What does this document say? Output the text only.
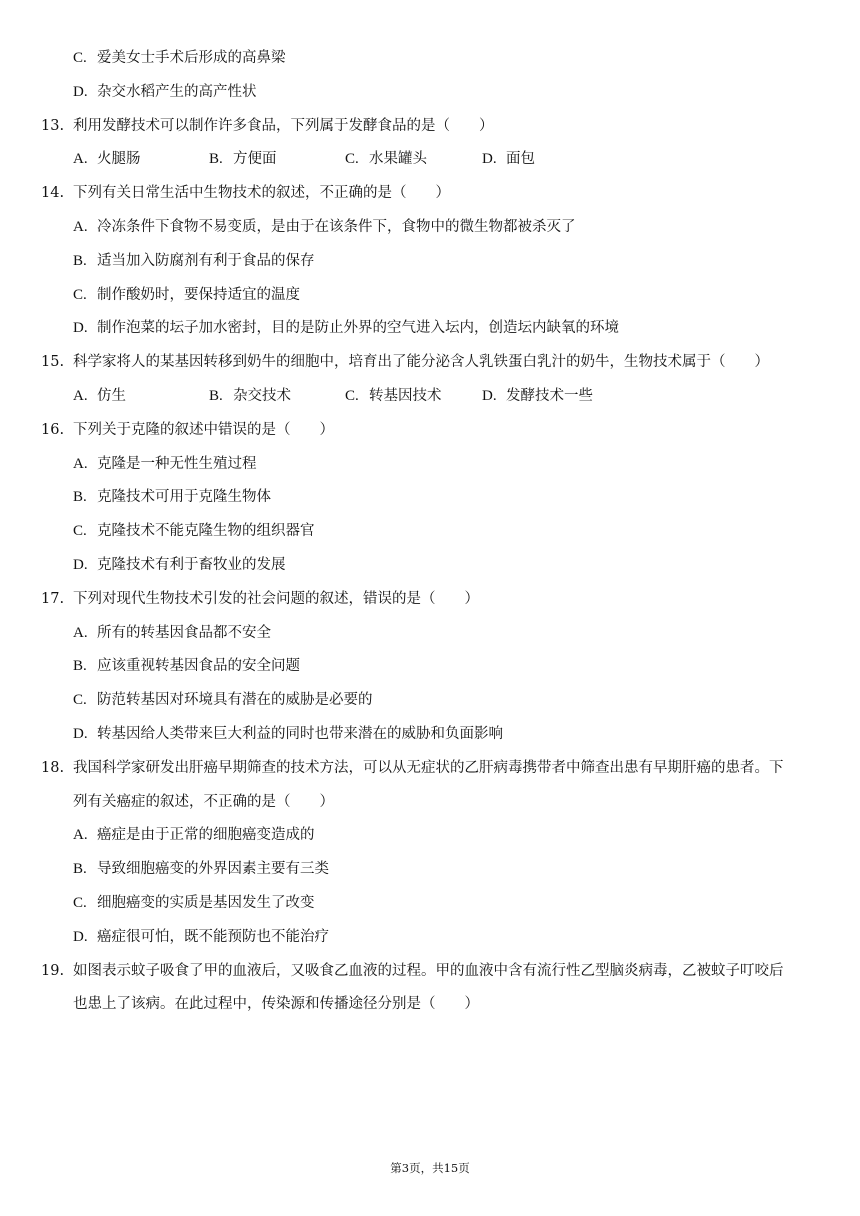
C. 爱美女士手术后形成的高鼻梁
D. 杂交水稻产生的高产性状
13. 利用发酵技术可以制作许多食品，下列属于发酵食品的是（　　）
A. 火腿肠	B. 方便面	C. 水果罐头	D. 面包
14. 下列有关日常生活中生物技术的叙述，不正确的是（　　）
A. 冷冻条件下食物不易变质，是由于在该条件下，食物中的微生物都被杀灭了
B. 适当加入防腐剂有利于食品的保存
C. 制作酸奶时，要保持适宜的温度
D. 制作泡菜的坛子加水密封，目的是防止外界的空气进入坛内，创造坛内缺氧的环境
15. 科学家将人的某基因转移到奶牛的细胞中，培育出了能分泌含人乳铁蛋白乳汁的奶牛，生物技术属于（　　）
A. 仿生	B. 杂交技术	C. 转基因技术	D. 发酵技术一些
16. 下列关于克隆的叙述中错误的是（　　）
A. 克隆是一种无性生殖过程
B. 克隆技术可用于克隆生物体
C. 克隆技术不能克隆生物的组织器官
D. 克隆技术有利于畜牧业的发展
17. 下列对现代生物技术引发的社会问题的叙述，错误的是（　　）
A. 所有的转基因食品都不安全
B. 应该重视转基因食品的安全问题
C. 防范转基因对环境具有潜在的威胁是必要的
D. 转基因给人类带来巨大利益的同时也带来潜在的威胁和负面影响
18. 我国科学家研发出肝癌早期筛查的技术方法，可以从无症状的乙肝病毒携带者中筛查出患有早期肝癌的患者。下
列有关癌症的叙述，不正确的是（　　）
A. 癌症是由于正常的细胞癌变造成的
B. 导致细胞癌变的外界因素主要有三类
C. 细胞癌变的实质是基因发生了改变
D. 癌症很可怕，既不能预防也不能治疗
19. 如图表示蚊子吸食了甲的血液后，又吸食乙血液的过程。甲的血液中含有流行性乙型脑炎病毒，乙被蚊子叮咬后
也患上了该病。在此过程中，传染源和传播途径分别是（　　）
第3页，共15页
